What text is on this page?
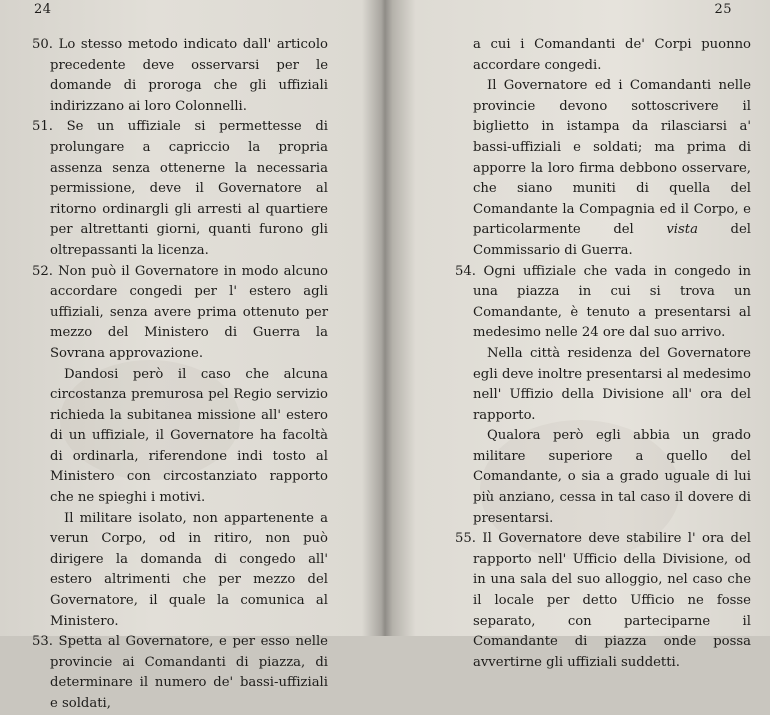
24

50. Lo stesso metodo indicato dall' articolo precedente deve osservarsi per le domande di proroga che gli uffiziali indirizzano ai loro Colonnelli.

51. Se un uffiziale si permettesse di prolungare a capriccio la propria assenza senza ottenerne la necessaria permissione, deve il Governatore al ritorno ordinargli gli arresti al quartiere per altrettanti giorni, quanti furono gli oltrepassanti la licenza.

52. Non può il Governatore in modo alcuno accordare congedi per l' estero agli uffiziali, senza avere prima ottenuto per mezzo del Ministero di Guerra la Sovrana approvazione.

Dandosi però il caso che alcuna circostanza premurosa pel Regio servizio richieda la subitanea missione all' estero di un uffiziale, il Governatore ha facoltà di ordinarla, riferendone indi tosto al Ministero con circostanziato rapporto che ne spieghi i motivi.

Il militare isolato, non appartenente a verun Corpo, od in ritiro, non può dirigere la domanda di congedo all' estero altrimenti che per mezzo del Governatore, il quale la comunica al Ministero.

53. Spetta al Governatore, e per esso nelle provincie ai Comandanti di piazza, di determinare il numero de' bassi-uffiziali e soldati,

25

a cui i Comandanti de' Corpi puonno accordare congedi.

Il Governatore ed i Comandanti nelle provincie devono sottoscrivere il biglietto in istampa da rilasciarsi a' bassi-uffiziali e soldati; ma prima di apporre la loro firma debbono osservare, che siano muniti di quella del Comandante la Compagnia ed il Corpo, e particolarmente del vista del Commissario di Guerra.

54. Ogni uffiziale che vada in congedo in una piazza in cui si trova un Comandante, è tenuto a presentarsi al medesimo nelle 24 ore dal suo arrivo.

Nella città residenza del Governatore egli deve inoltre presentarsi al medesimo nell' Uffizio della Divisione all' ora del rapporto.

Qualora però egli abbia un grado militare superiore a quello del Comandante, o sia a grado uguale di lui più anziano, cessa in tal caso il dovere di presentarsi.

55. Il Governatore deve stabilire l' ora del rapporto nell' Ufficio della Divisione, od in una sala del suo alloggio, nel caso che il locale per detto Ufficio ne fosse separato, con parteciparne il Comandante di piazza onde possa avvertirne gli uffiziali suddetti.
